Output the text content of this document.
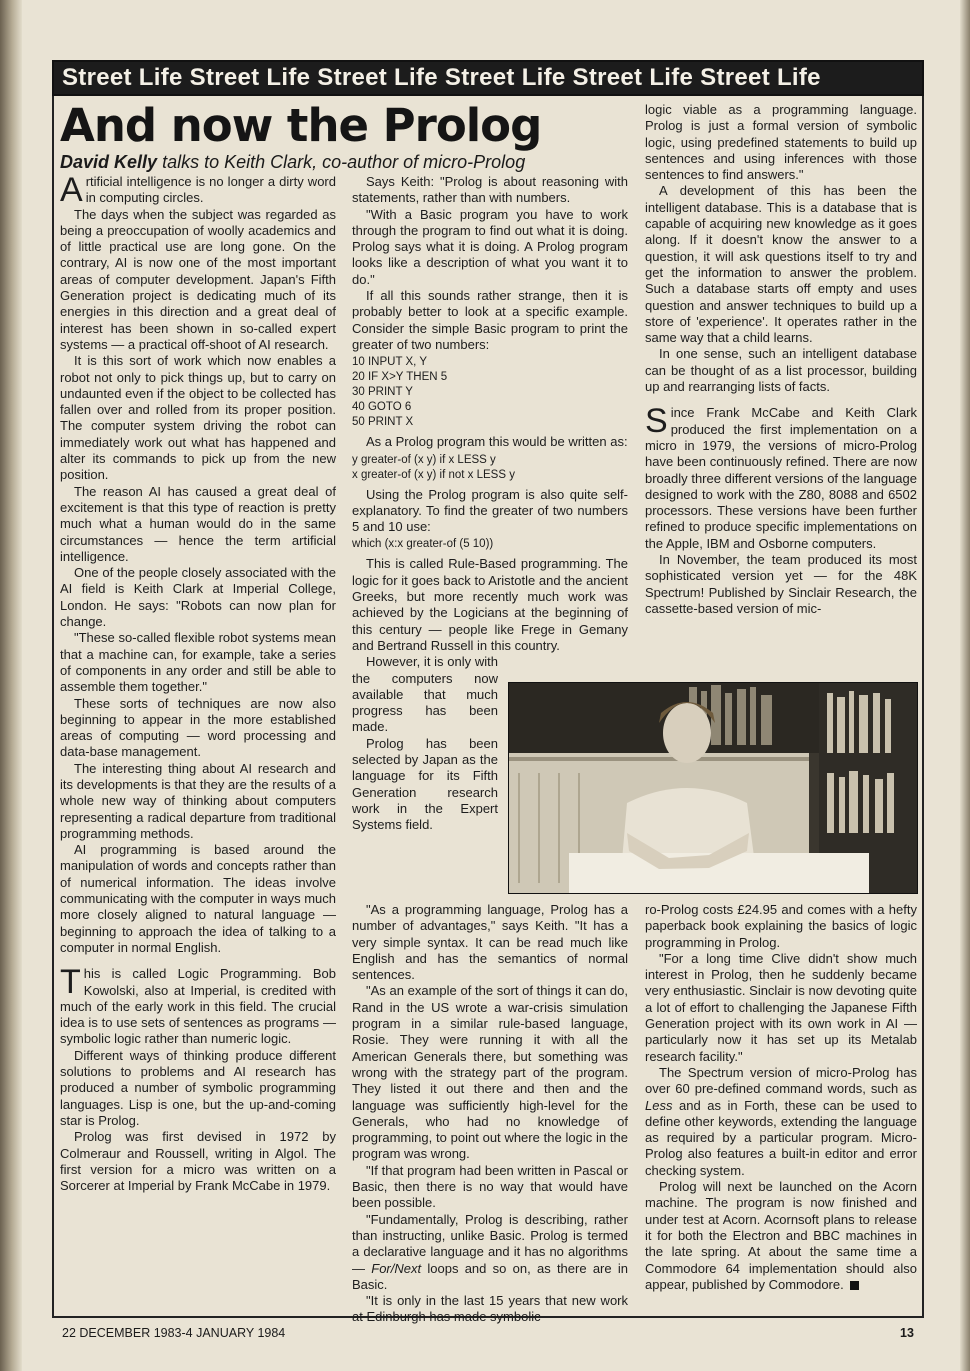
Street Life Street Life Street Life Street Life Street Life Street Life
And now the Prolog
David Kelly talks to Keith Clark, co-author of micro-Prolog

Artificial intelligence is no longer a dirty word in computing circles.

The days when the subject was regarded as being a preoccupation of woolly academics and of little practical use are long gone. On the contrary, AI is now one of the most important areas of computer development. Japan's Fifth Generation project is dedicating much of its energies in this direction and a great deal of interest has been shown in so-called expert systems — a practical off-shoot of AI research.

It is this sort of work which now enables a robot not only to pick things up, but to carry on undaunted even if the object to be collected has fallen over and rolled from its proper position. The computer system driving the robot can immediately work out what has happened and alter its commands to pick up from the new position.

The reason AI has caused a great deal of excitement is that this type of reaction is pretty much what a human would do in the same circumstances — hence the term artificial intelligence.

One of the people closely associated with the AI field is Keith Clark at Imperial College, London. He says: "Robots can now plan for change.

"These so-called flexible robot systems mean that a machine can, for example, take a series of components in any order and still be able to assemble them together."

These sorts of techniques are now also beginning to appear in the more established areas of computing — word processing and data-base management.

The interesting thing about AI research and its developments is that they are the results of a whole new way of thinking about computers representing a radical departure from traditional programming methods.

AI programming is based around the manipulation of words and concepts rather than of numerical information. The ideas involve communicating with the computer in ways much more closely aligned to natural language — beginning to approach the idea of talking to a computer in normal English.

This is called Logic Programming. Bob Kowolski, also at Imperial, is credited with much of the early work in this field. The crucial idea is to use sets of sentences as programs — symbolic logic rather than numeric logic.

Different ways of thinking produce different solutions to problems and AI research has produced a number of symbolic programming languages. Lisp is one, but the up-and-coming star is Prolog.

Prolog was first devised in 1972 by Colmeraur and Roussell, writing in Algol. The first version for a micro was written on a Sorcerer at Imperial by Frank McCabe in 1979.

Says Keith: "Prolog is about reasoning with statements, rather than with numbers.

"With a Basic program you have to work through the program to find out what it is doing. Prolog says what it is doing. A Prolog program looks like a description of what you want it to do."

If all this sounds rather strange, then it is probably better to look at a specific example. Consider the simple Basic program to print the greater of two numbers:

10 INPUT X, Y
20 IF X>Y THEN 5
30 PRINT Y
40 GOTO 6
50 PRINT X

As a Prolog program this would be written as:

y greater-of (x y) if x LESS y
x greater-of (x y) if not x LESS y

Using the Prolog program is also quite self-explanatory. To find the greater of two numbers 5 and 10 use:

which (x:x greater-of (5 10))

This is called Rule-Based programming. The logic for it goes back to Aristotle and the ancient Greeks, but more recently much work was achieved by the Logicians at the beginning of this century — people like Frege in Gemany and Bertrand Russell in this country.

However, it is only with the computers now available that much progress has been made.

Prolog has been selected by Japan as the language for its Fifth Generation research work in the Expert Systems field.

"As a programming language, Prolog has a number of advantages," says Keith. "It has a very simple syntax. It can be read much like English and has the semantics of normal sentences.

"As an example of the sort of things it can do, Rand in the US wrote a war-crisis simulation program in a similar rule-based language, Rosie. They were running it with all the American Generals there, but something was wrong with the strategy part of the program. They listed it out there and then and the language was sufficiently high-level for the Generals, who had no knowledge of programming, to point out where the logic in the program was wrong.

"If that program had been written in Pascal or Basic, then there is no way that would have been possible.

"Fundamentally, Prolog is describing, rather than instructing, unlike Basic. Prolog is termed a declarative language and it has no algorithms — For/Next loops and so on, as there are in Basic.

"It is only in the last 15 years that new work at Edinburgh has made symbolic

logic viable as a programming language. Prolog is just a formal version of symbolic logic, using predefined statements to build up sentences and using inferences with those sentences to find answers."

A development of this has been the intelligent database. This is a database that is capable of acquiring new knowledge as it goes along. If it doesn't know the answer to a question, it will ask questions itself to try and get the information to answer the problem. Such a database starts off empty and uses question and answer techniques to build up a store of 'experience'. It operates rather in the same way that a child learns.

In one sense, such an intelligent database can be thought of as a list processor, building up and rearranging lists of facts.

Since Frank McCabe and Keith Clark produced the first implementation on a micro in 1979, the versions of micro-Prolog have been continuously refined. There are now broadly three different versions of the language designed to work with the Z80, 8088 and 6502 processors. These versions have been further refined to produce specific implementations on the Apple, IBM and Osborne computers.

In November, the team produced its most sophisticated version yet — for the 48K Spectrum! Published by Sinclair Research, the cassette-based version of mic-

ro-Prolog costs £24.95 and comes with a hefty paperback book explaining the basics of logic programming in Prolog.

"For a long time Clive didn't show much interest in Prolog, then he suddenly became very enthusiastic. Sinclair is now devoting quite a lot of effort to challenging the Japanese Fifth Generation project with its own work in AI — particularly now it has set up its Metalab research facility."

The Spectrum version of micro-Prolog has over 60 pre-defined command words, such as Less and as in Forth, these can be used to define other keywords, extending the language as required by a particular program. Micro-Prolog also features a built-in editor and error checking system.

Prolog will next be launched on the Acorn machine. The program is now finished and under test at Acorn. Acornsoft plans to release it for both the Electron and BBC machines in the late spring. At about the same time a Commodore 64 implementation should also appear, published by Commodore.

22 DECEMBER 1983-4 JANUARY 1984	13
